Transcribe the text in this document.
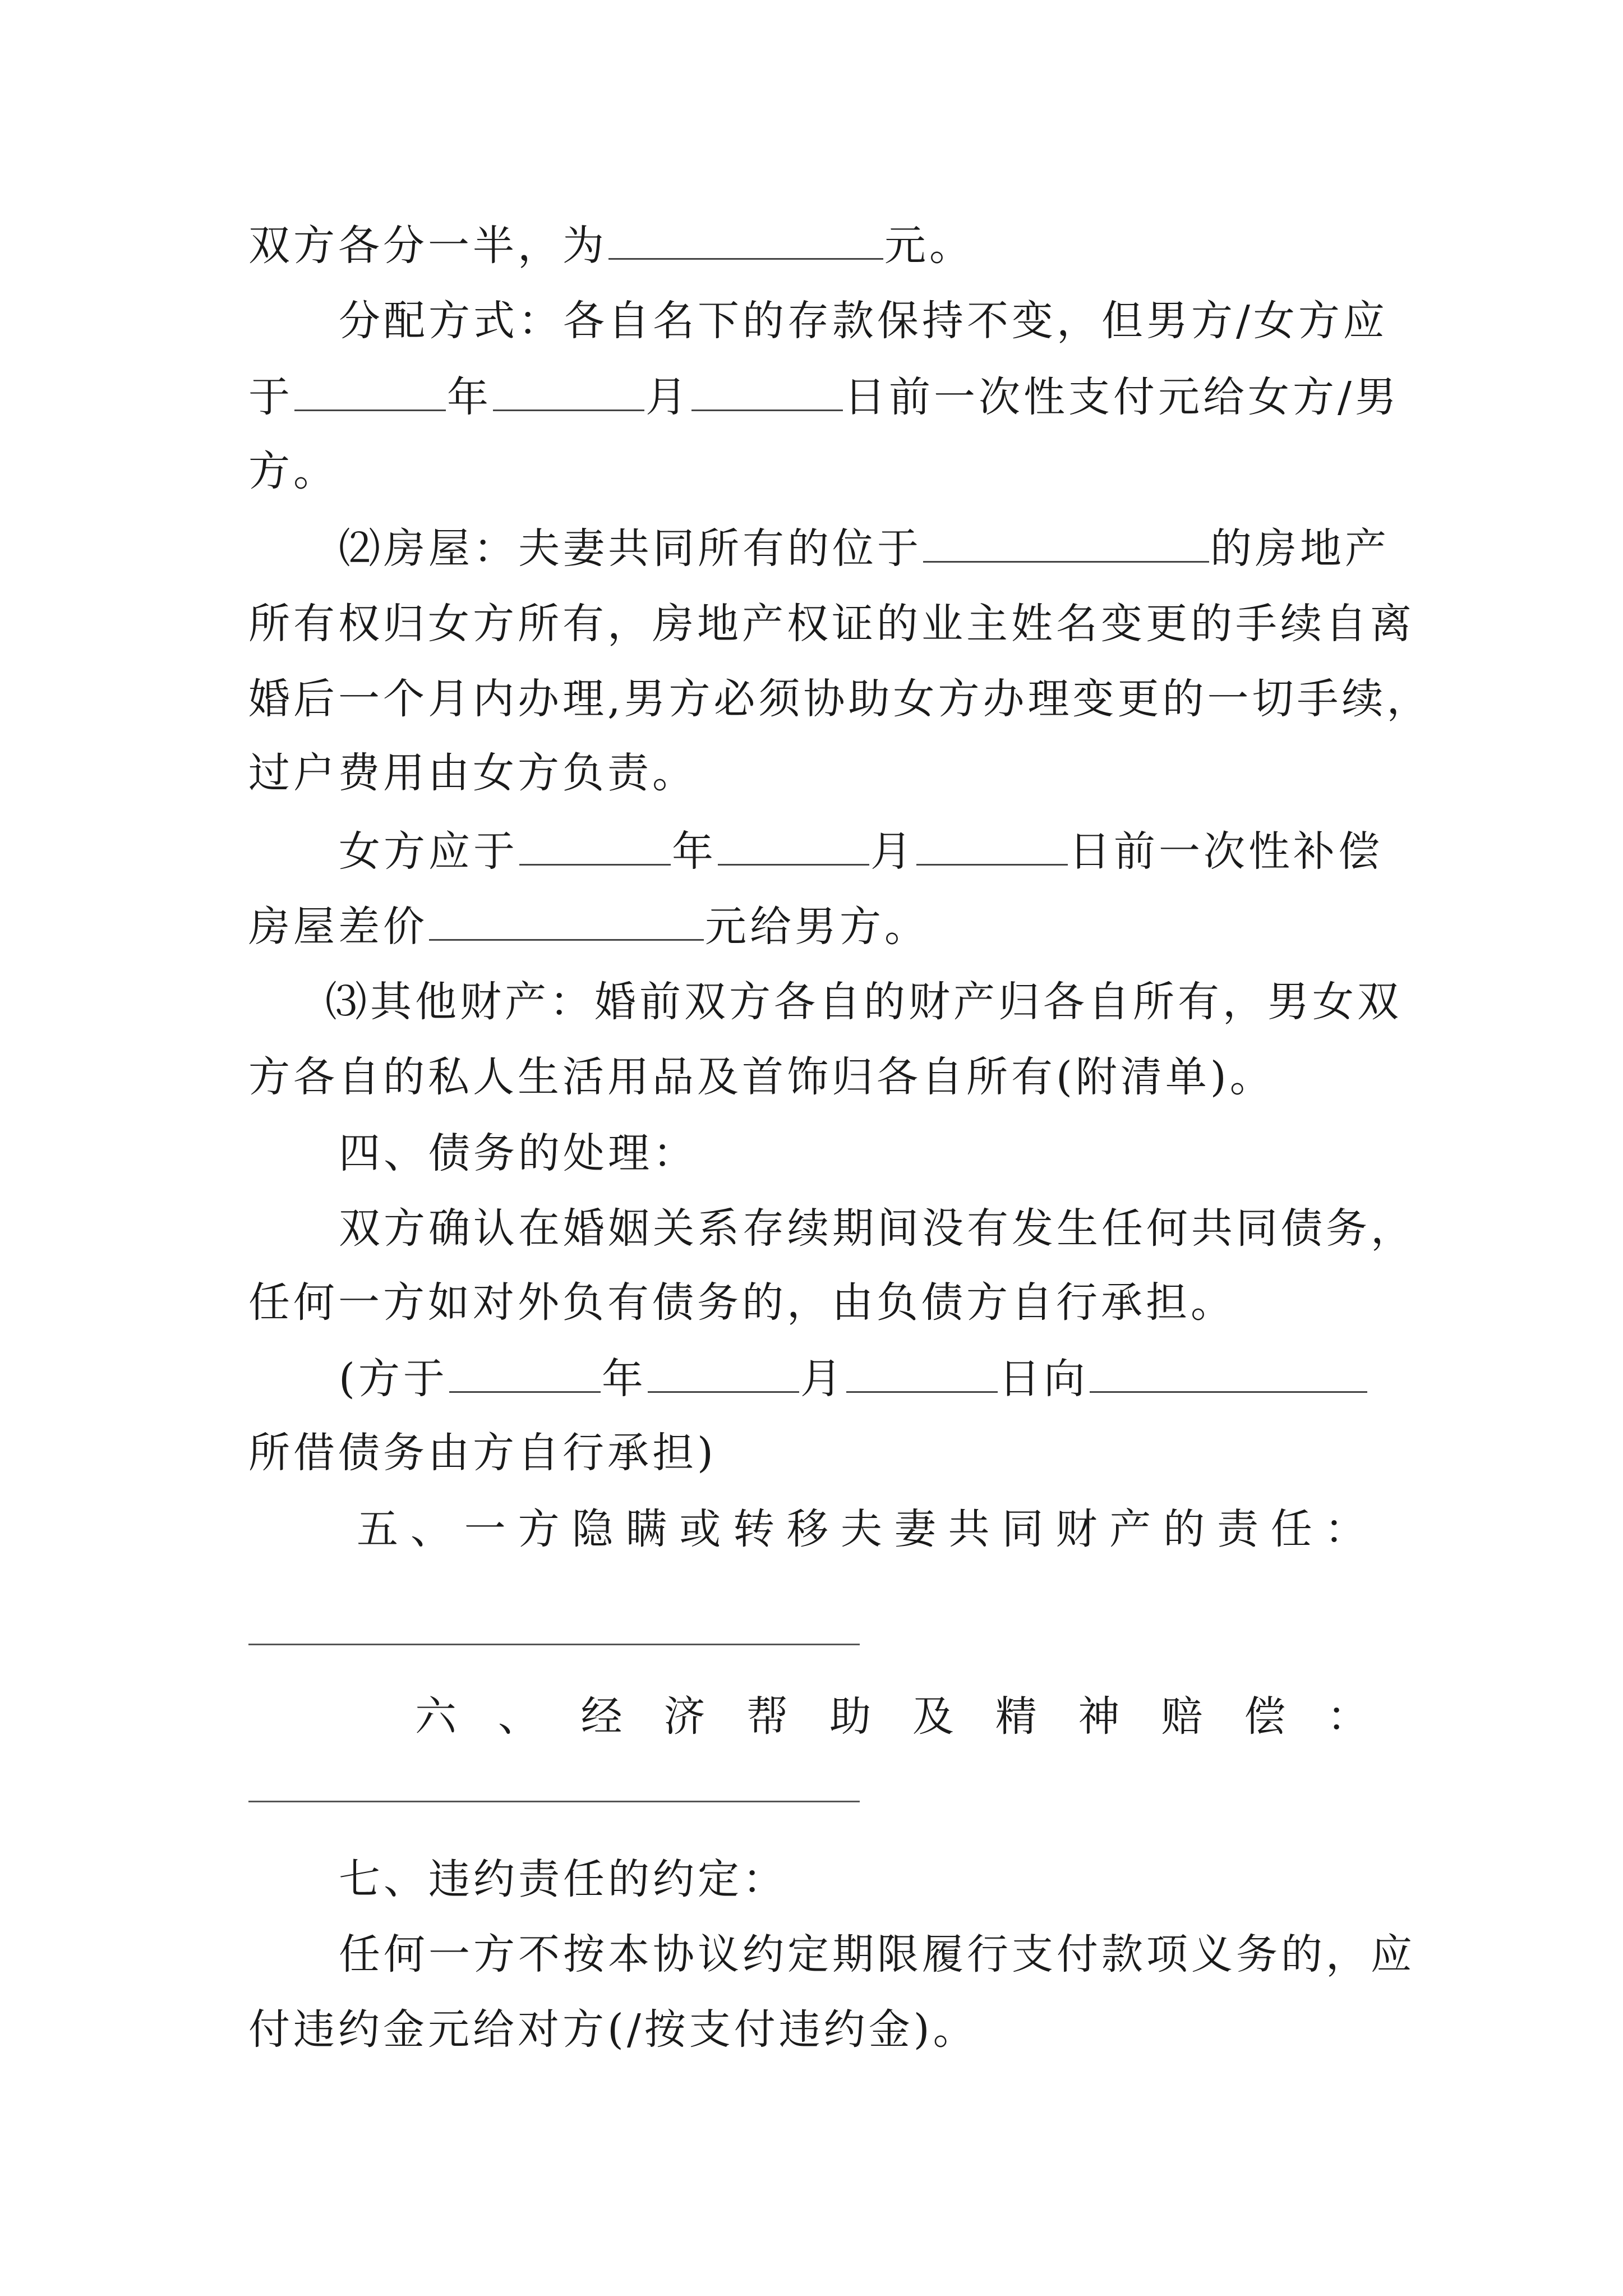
双方各分一半，为	元。
分配方式：各自名下的存款保持不变，但男方/女方应
于	年	月	日前一次性支付元给女方/男
方。
⑵房屋：夫妻共同所有的位于	的房地产
所有权归女方所有，房地产权证的业主姓名变更的手续自离
婚后一个月内办理,男方必须协助女方办理变更的一切手续，
过户费用由女方负责。
女方应于	年	月	日前一次性补偿
房屋差价	元给男方。
⑶其他财产：婚前双方各自的财产归各自所有，男女双
方各自的私人生活用品及首饰归各自所有(附清单)。
四、债务的处理：
双方确认在婚姻关系存续期间没有发生任何共同债务，
任何一方如对外负有债务的，由负债方自行承担。
(方于	年	月	日向
所借债务由方自行承担)
五 、 一 方 隐 瞒 或 转 移 夫 妻 共 同 财 产 的 责 任 ：
六 、 经 济 帮 助 及 精 神 赔 偿 ：
七、违约责任的约定：
任何一方不按本协议约定期限履行支付款项义务的，应
付违约金元给对方(/按支付违约金)。
